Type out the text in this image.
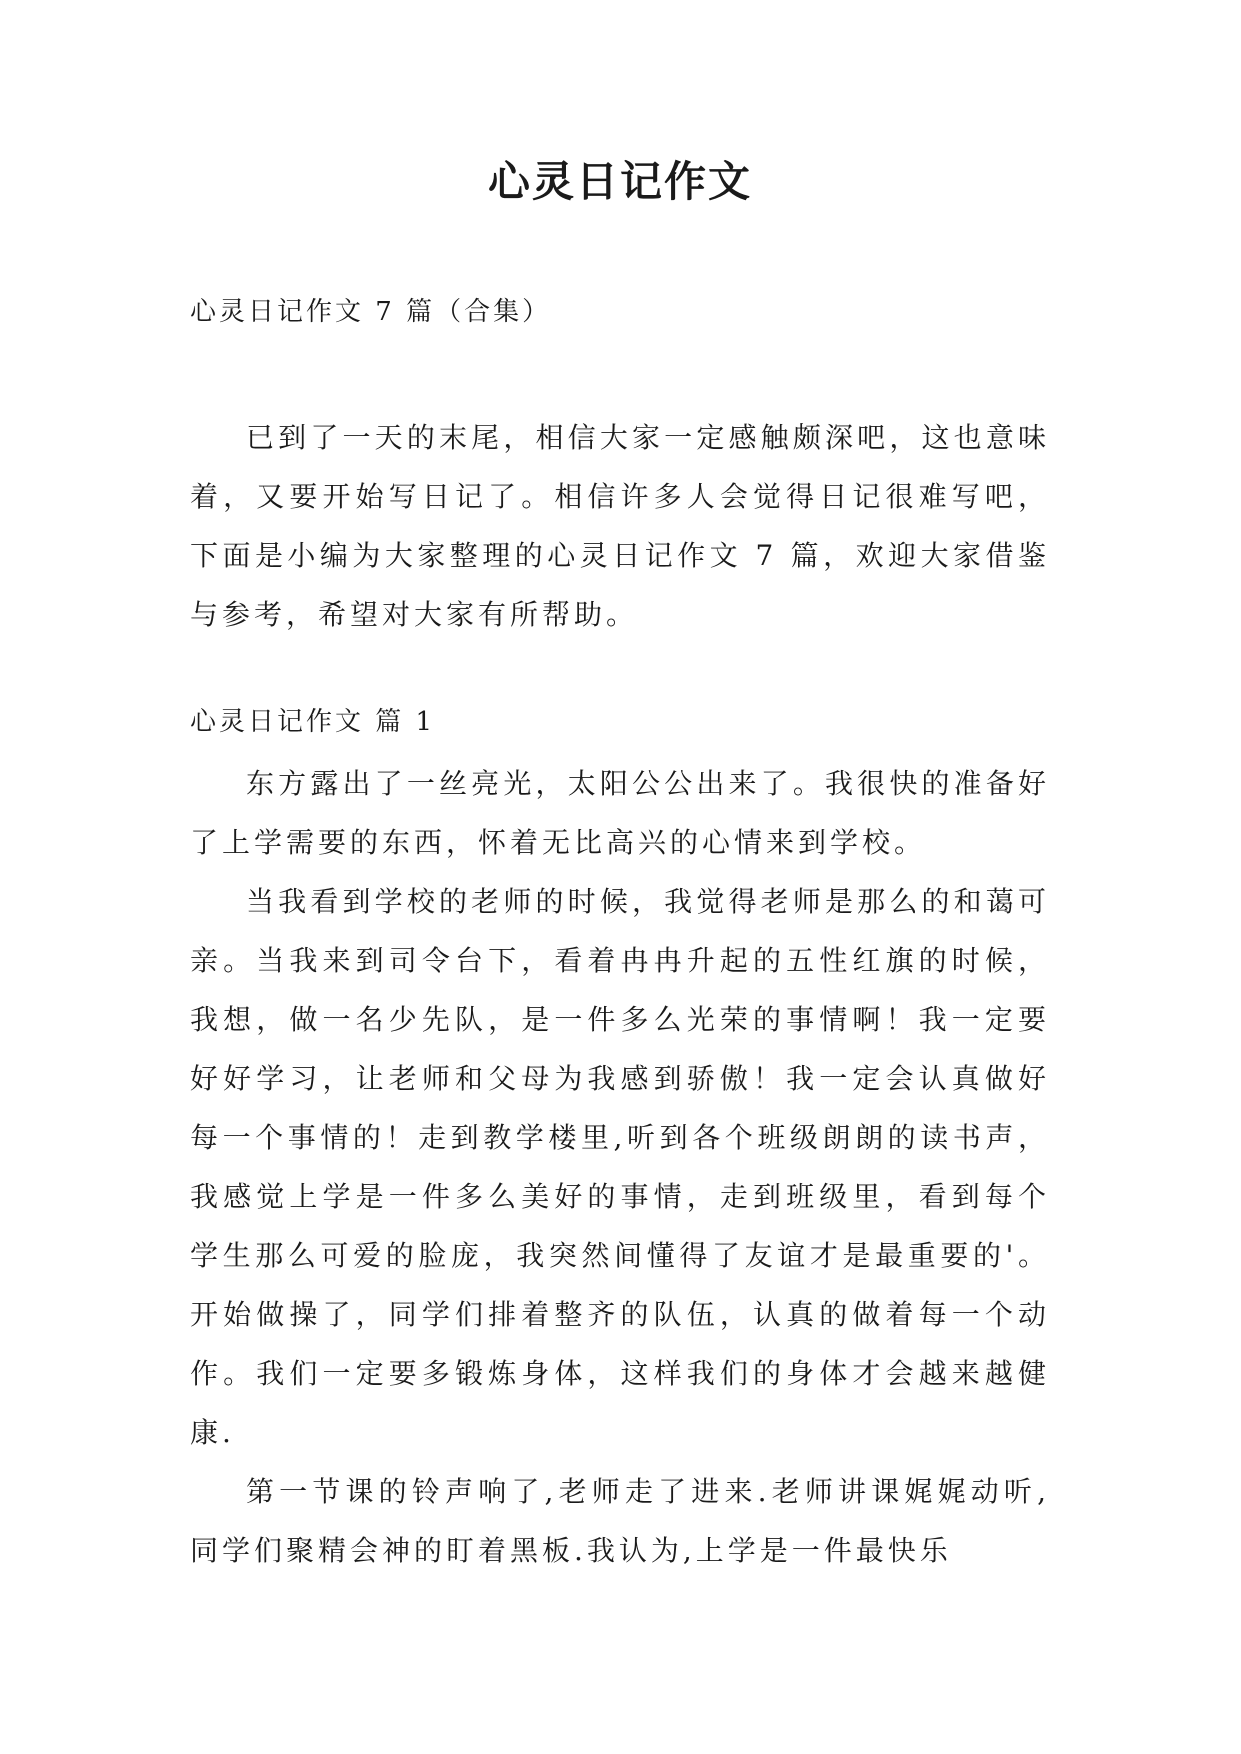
心灵日记作文

心灵日记作文 7 篇（合集）

已到了一天的末尾，相信大家一定感触颇深吧，这也意味着，又要开始写日记了。相信许多人会觉得日记很难写吧，下面是小编为大家整理的心灵日记作文 7 篇，欢迎大家借鉴与参考，希望对大家有所帮助。

心灵日记作文 篇 1

东方露出了一丝亮光，太阳公公出来了。我很快的准备好了上学需要的东西，怀着无比高兴的心情来到学校。

当我看到学校的老师的时候，我觉得老师是那么的和蔼可亲。当我来到司令台下，看着冉冉升起的五性红旗的时候，我想，做一名少先队，是一件多么光荣的事情啊！我一定要好好学习，让老师和父母为我感到骄傲！我一定会认真做好每一个事情的！走到教学楼里,听到各个班级朗朗的读书声，我感觉上学是一件多么美好的事情，走到班级里，看到每个学生那么可爱的脸庞，我突然间懂得了友谊才是最重要的'。开始做操了，同学们排着整齐的队伍，认真的做着每一个动作。我们一定要多锻炼身体，这样我们的身体才会越来越健康.

第一节课的铃声响了,老师走了进来.老师讲课娓娓动听,同学们聚精会神的盯着黑板.我认为,上学是一件最快乐
